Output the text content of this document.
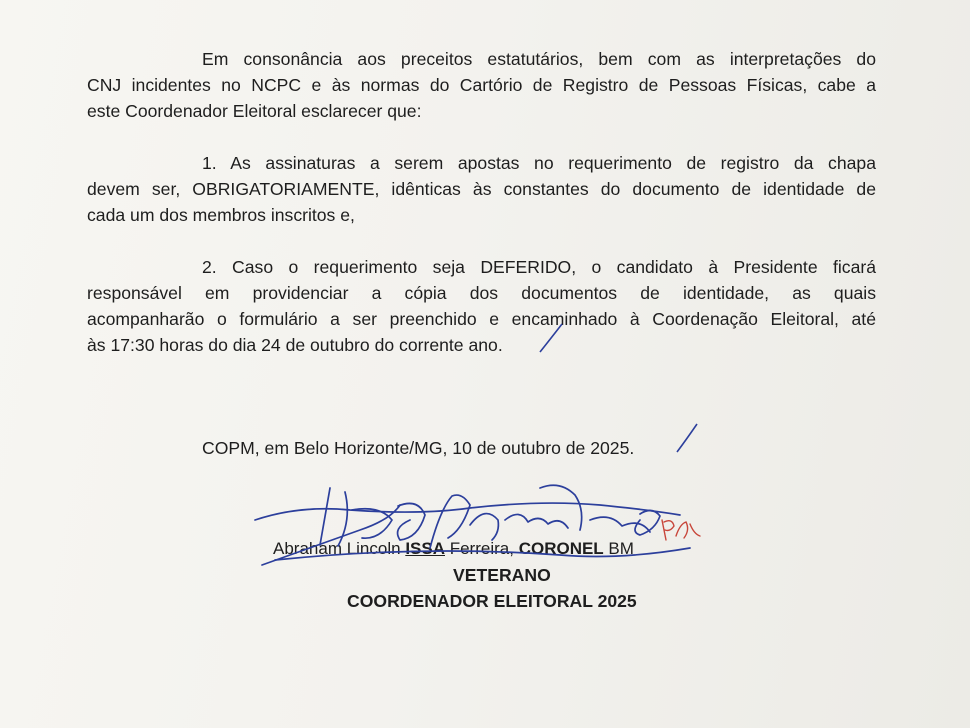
Em consonância aos preceitos estatutários, bem com as interpretações do
CNJ incidentes no NCPC e às normas do Cartório de Registro de Pessoas Físicas, cabe a
este Coordenador Eleitoral esclarecer que:
1. As assinaturas a serem apostas no requerimento de registro da chapa
devem ser, OBRIGATORIAMENTE, idênticas às constantes do documento de identidade de
cada um dos membros inscritos e,
2. Caso o requerimento seja DEFERIDO, o candidato à Presidente ficará
responsável em providenciar a cópia dos documentos de identidade, as quais
acompanharão o formulário a ser preenchido e encaminhado à Coordenação Eleitoral, até
às 17:30 horas do dia 24 de outubro do corrente ano.
COPM, em Belo Horizonte/MG, 10 de outubro de 2025.
Abraham Lincoln ISSA Ferreira, CORONEL BM
VETERANO
COORDENADOR ELEITORAL 2025
